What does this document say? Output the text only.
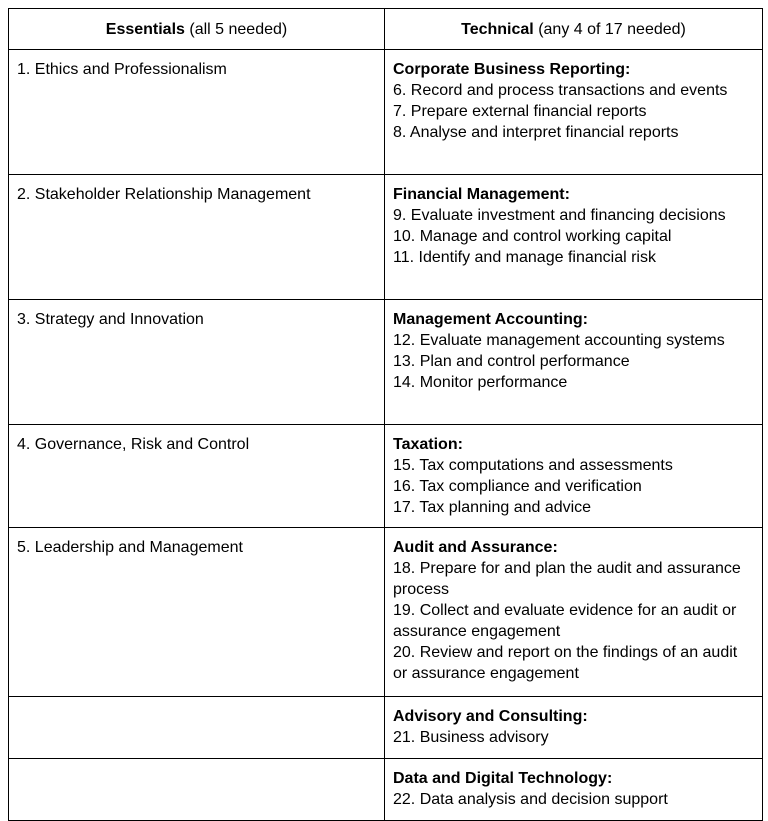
Essentials (all 5 needed)	Technical (any 4 of 17 needed)
1. Ethics and Professionalism	Corporate Business Reporting:
6. Record and process transactions and events
7. Prepare external financial reports
8. Analyse and interpret financial reports

2. Stakeholder Relationship Management	Financial Management:
9. Evaluate investment and financing decisions
10. Manage and control working capital
11. Identify and manage financial risk

3. Strategy and Innovation	Management Accounting:
12. Evaluate management accounting systems
13. Plan and control performance
14. Monitor performance

4. Governance, Risk and Control	Taxation:
15. Tax computations and assessments
16. Tax compliance and verification
17. Tax planning and advice

5. Leadership and Management	Audit and Assurance:
18. Prepare for and plan the audit and assurance process
19. Collect and evaluate evidence for an audit or assurance engagement
20. Review and report on the findings of an audit or assurance engagement

	Advisory and Consulting:
21. Business advisory

	Data and Digital Technology:
22. Data analysis and decision support
